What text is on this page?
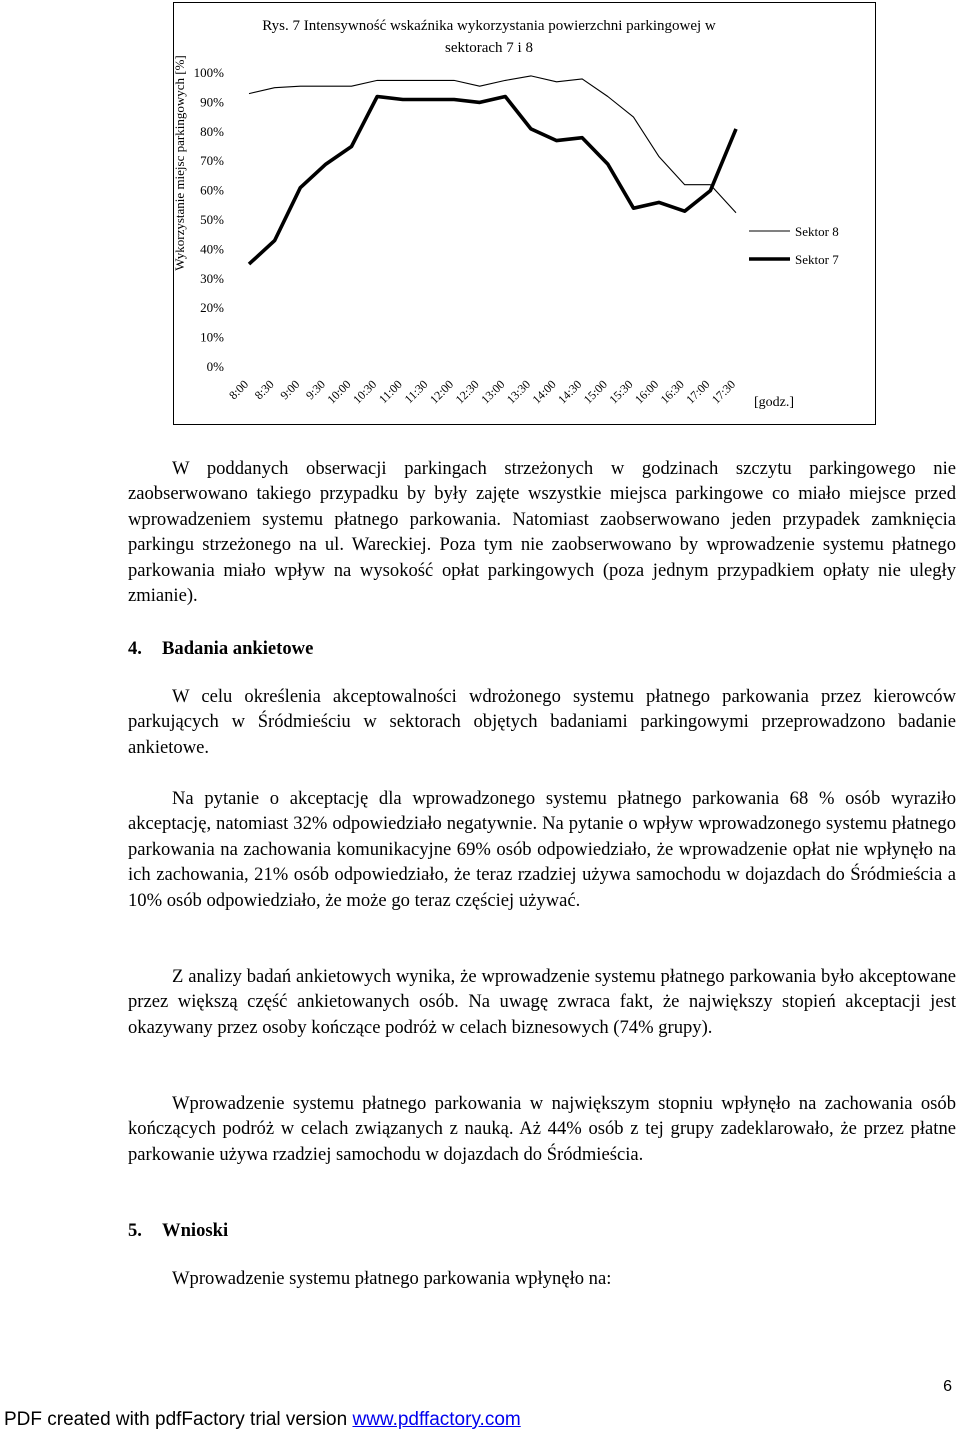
Rys. 7 Intensywność wskaźnika wykorzystania powierzchni parkingowej w
sektorach 7 i 8
Wykorzystanie miejsc parkingowych [%]
0%
10%
20%
30%
40%
50%
60%
70%
80%
90%
100%
8:00 8:30 9:00 9:30
10:00
10:30
11:00
11:30
12:00
12:30
13:00
13:30
14:00
14:30
15:00
15:30
16:00
16:30
17:00
17:30
Sektor 8
Sektor 7
[godz.]

W poddanych obserwacji parkingach strzeżonych w godzinach szczytu parkingowego nie zaobserwowano takiego przypadku by były zajęte wszystkie miejsca parkingowe co miało miejsce przed wprowadzeniem systemu płatnego parkowania. Natomiast zaobserwowano jeden przypadek zamknięcia parkingu strzeżonego na ul. Wareckiej. Poza tym nie zaobserwowano by wprowadzenie systemu płatnego parkowania miało wpływ na wysokość opłat parkingowych (poza jednym przypadkiem opłaty nie uległy zmianie).

4. Badania ankietowe

W celu określenia akceptowalności wdrożonego systemu płatnego parkowania przez kierowców parkujących w Śródmieściu w sektorach objętych badaniami parkingowymi przeprowadzono badanie ankietowe.

Na pytanie o akceptację dla wprowadzonego systemu płatnego parkowania 68 % osób wyraziło akceptację, natomiast 32% odpowiedziało negatywnie. Na pytanie o wpływ wprowadzonego systemu płatnego parkowania na zachowania komunikacyjne 69% osób odpowiedziało, że wprowadzenie opłat nie wpłynęło na ich zachowania, 21% osób odpowiedziało, że teraz rzadziej używa samochodu w dojazdach do Śródmieścia a 10% osób odpowiedziało, że może go teraz częściej używać.

Z analizy badań ankietowych wynika, że wprowadzenie systemu płatnego parkowania było akceptowane przez większą część ankietowanych osób. Na uwagę zwraca fakt, że największy stopień akceptacji jest okazywany przez osoby kończące podróż w celach biznesowych (74% grupy).

Wprowadzenie systemu płatnego parkowania w największym stopniu wpłynęło na zachowania osób kończących podróż w celach związanych z nauką. Aż 44% osób z tej grupy zadeklarowało, że przez płatne parkowanie używa rzadziej samochodu w dojazdach do Śródmieścia.

5. Wnioski

Wprowadzenie systemu płatnego parkowania wpłynęło na:

6
PDF created with pdfFactory trial version www.pdffactory.com
